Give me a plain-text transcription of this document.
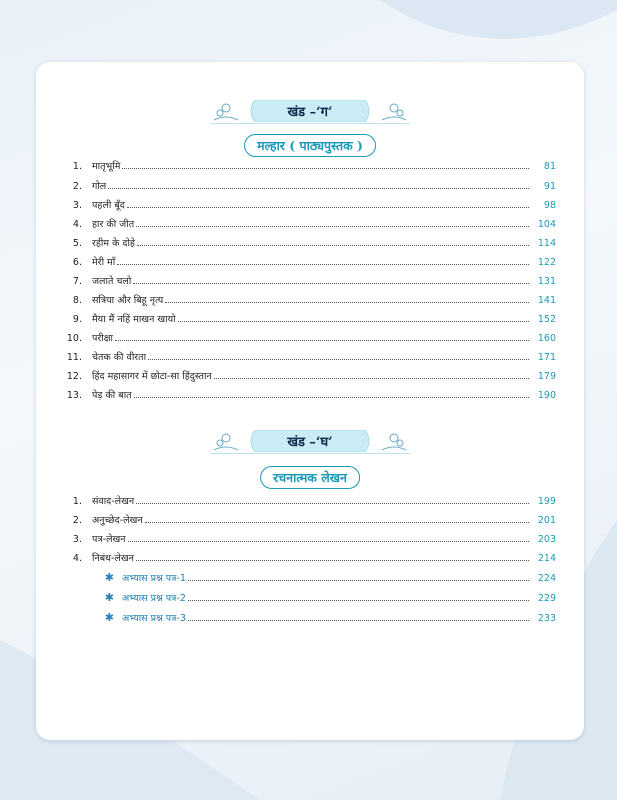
खंड –‘ग’
मल्हार ( पाठ्यपुस्तक )
1.	मातृभूमि	81
2.	गोल	91
3.	पहली बूँद	98
4.	हार की जीत	104
5.	रहीम के दोहे	114
6.	मेरी माँ	122
7.	जलाते चलो	131
8.	सत्रिया और बिहू नृत्य	141
9.	मैया मैं नहिं माखन खायो	152
10.	परीक्षा	160
11.	चेतक की वीरता	171
12.	हिंद महासागर में छोटा-सा हिंदुस्तान	179
13.	पेड़ की बात	190
खंड –‘घ’
रचनात्मक लेखन
1.	संवाद-लेखन	199
2.	अनुच्छेद-लेखन	201
3.	पत्र-लेखन	203
4.	निबंध-लेखन	214
✱ अभ्यास प्रश्न पत्र-1	224
✱ अभ्यास प्रश्न पत्र-2	229
✱ अभ्यास प्रश्न पत्र-3	233
